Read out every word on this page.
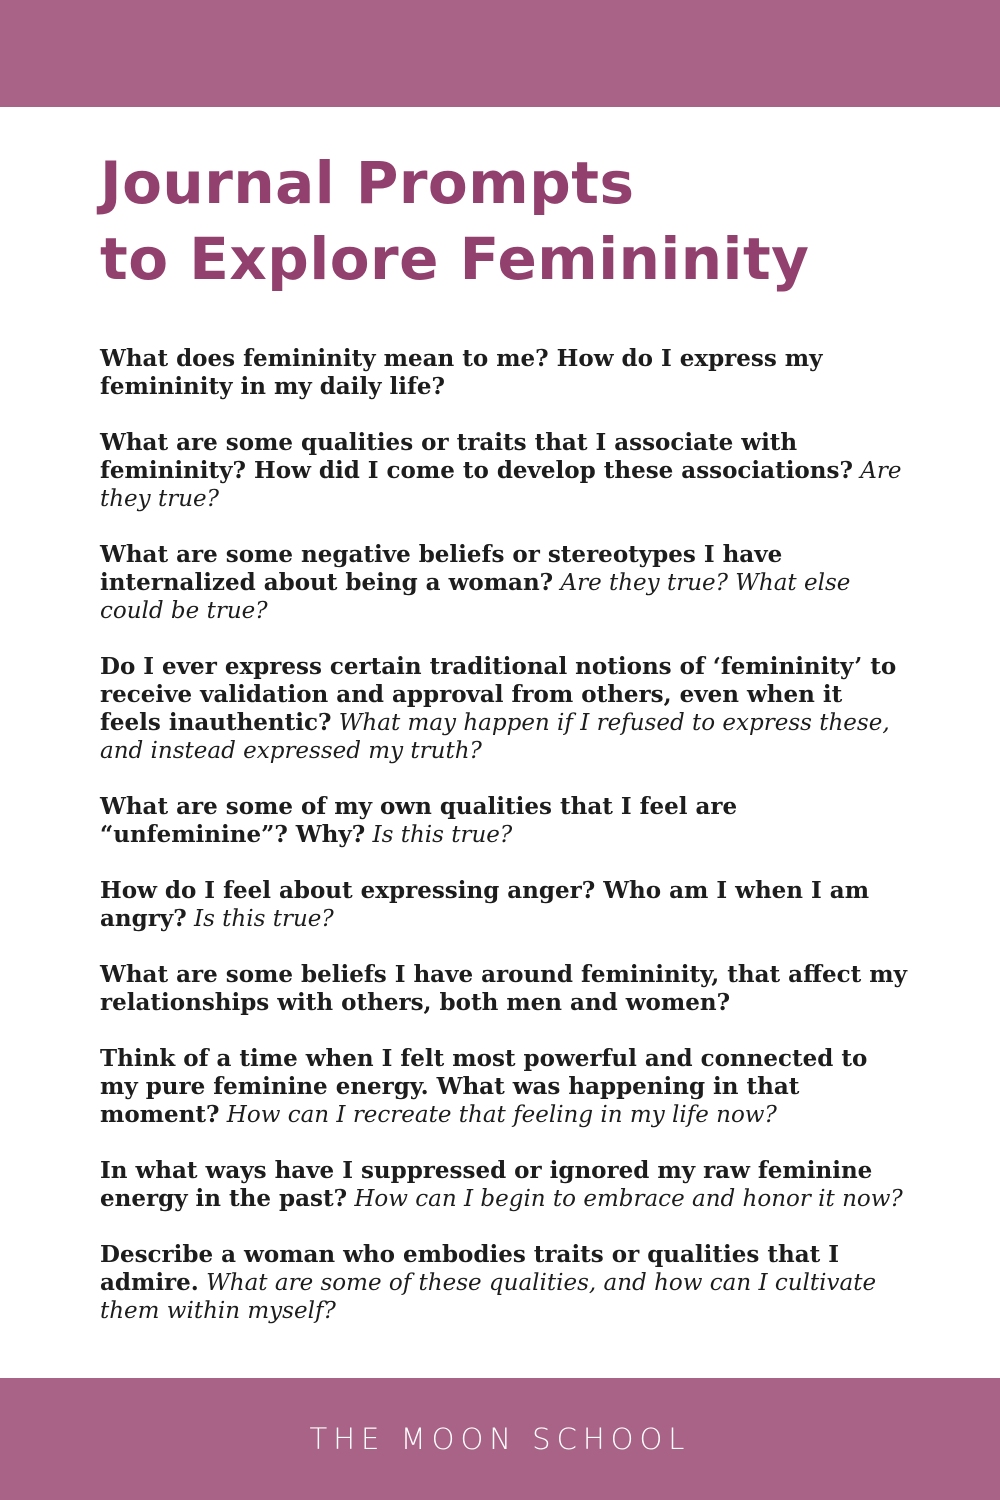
Journal Prompts
to Explore Femininity
What does femininity mean to me? How do I express my femininity in my daily life?
What are some qualities or traits that I associate with femininity? How did I come to develop these associations? Are they true?
What are some negative beliefs or stereotypes I have internalized about being a woman? Are they true? What else could be true?
Do I ever express certain traditional notions of ‘femininity’ to receive validation and approval from others, even when it feels inauthentic? What may happen if I refused to express these, and instead expressed my truth?
What are some of my own qualities that I feel are “unfeminine”? Why? Is this true?
How do I feel about expressing anger? Who am I when I am angry? Is this true?
What are some beliefs I have around femininity, that affect my relationships with others, both men and women?
Think of a time when I felt most powerful and connected to my pure feminine energy. What was happening in that moment? How can I recreate that feeling in my life now?
In what ways have I suppressed or ignored my raw feminine energy in the past? How can I begin to embrace and honor it now?
Describe a woman who embodies traits or qualities that I admire. What are some of these qualities, and how can I cultivate them within myself?
THE MOON SCHOOL
